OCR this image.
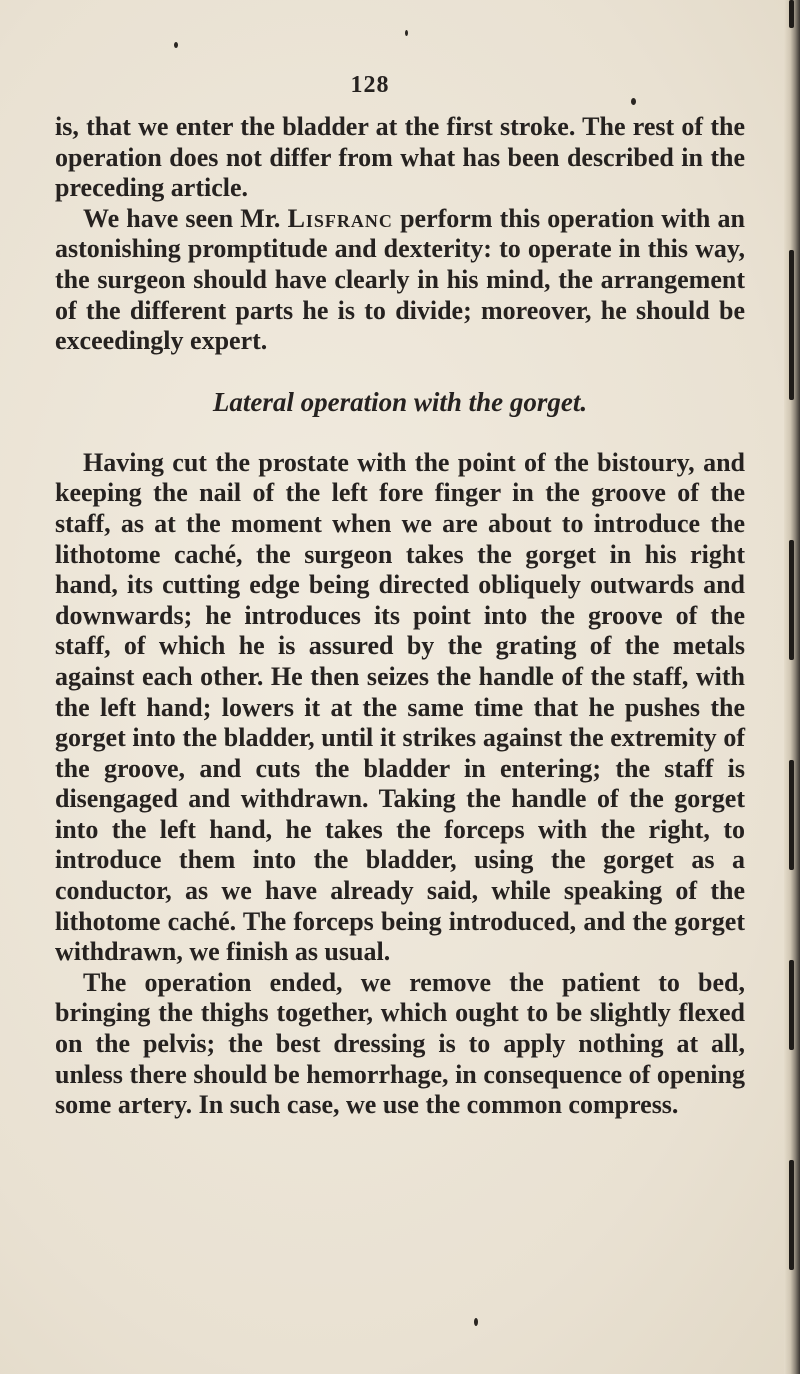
128

is, that we enter the bladder at the first stroke. The rest of the operation does not differ from what has been described in the preceding article.

We have seen Mr. Lisfranc perform this operation with an astonishing promptitude and dexterity: to operate in this way, the surgeon should have clearly in his mind, the arrangement of the different parts he is to divide; moreover, he should be exceedingly expert.

Lateral operation with the gorget.

Having cut the prostate with the point of the bistoury, and keeping the nail of the left fore finger in the groove of the staff, as at the moment when we are about to introduce the lithotome caché, the surgeon takes the gorget in his right hand, its cutting edge being directed obliquely outwards and downwards; he introduces its point into the groove of the staff, of which he is assured by the grating of the metals against each other. He then seizes the handle of the staff, with the left hand; lowers it at the same time that he pushes the gorget into the bladder, until it strikes against the extremity of the groove, and cuts the bladder in entering; the staff is disengaged and withdrawn. Taking the handle of the gorget into the left hand, he takes the forceps with the right, to introduce them into the bladder, using the gorget as a conductor, as we have already said, while speaking of the lithotome caché. The forceps being introduced, and the gorget withdrawn, we finish as usual.

The operation ended, we remove the patient to bed, bringing the thighs together, which ought to be slightly flexed on the pelvis; the best dressing is to apply nothing at all, unless there should be hemorrhage, in consequence of opening some artery. In such case, we use the common compress.
